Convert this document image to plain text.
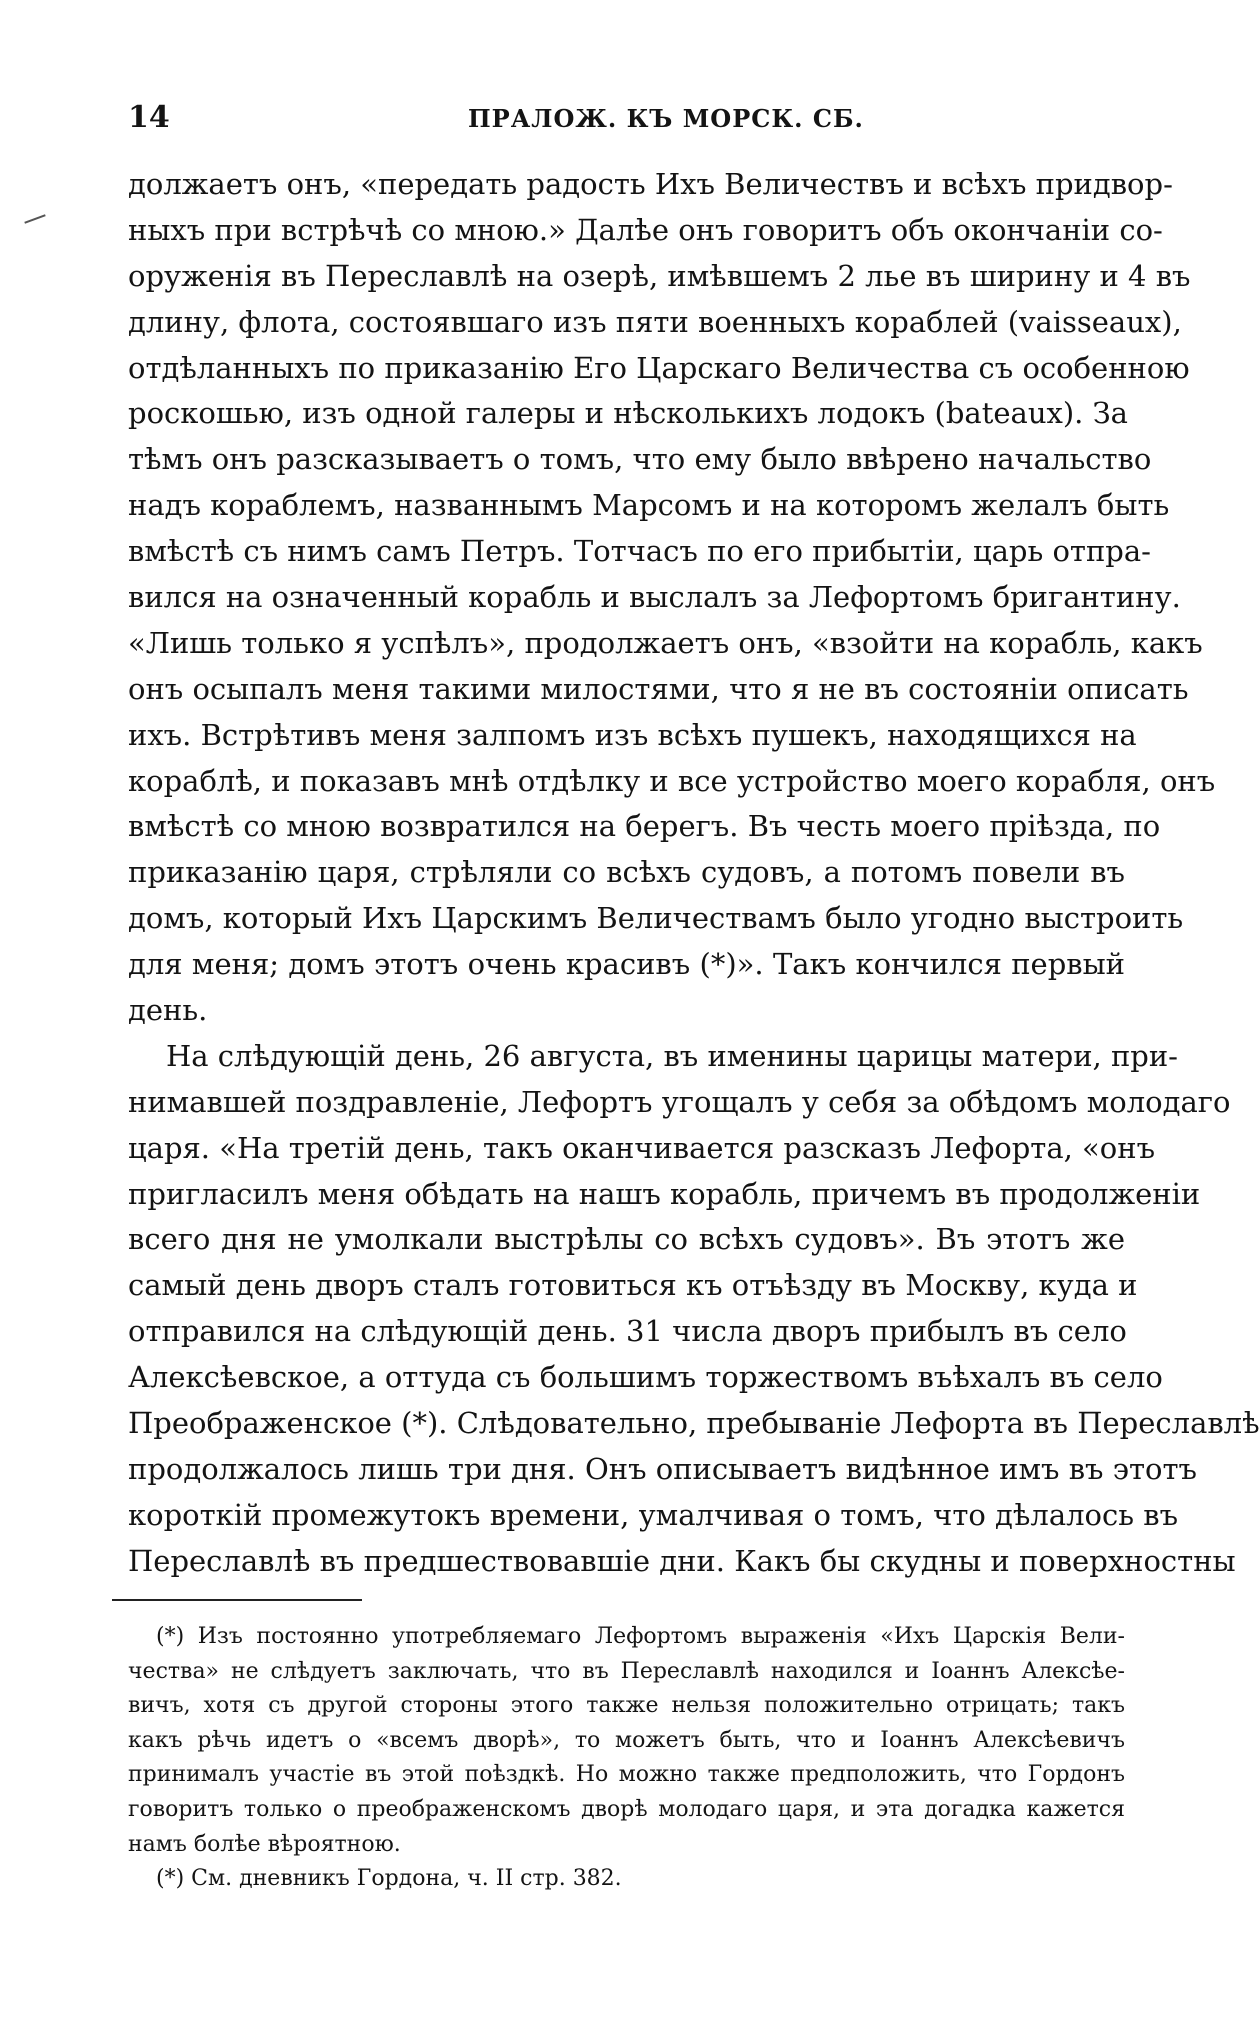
14	ПРАЛОЖ. КЪ МОРСК. СБ.
должаетъ онъ, «передать радость Ихъ Величествъ и всѣхъ придвор-
ныхъ при встрѣчѣ со мною.» Далѣе онъ говоритъ объ окончаніи со-
оруженія въ Переславлѣ на озерѣ, имѣвшемъ 2 лье въ ширину и 4 въ
длину, флота, состоявшаго изъ пяти военныхъ кораблей (vaisseaux),
отдѣланныхъ по приказанію Его Царскаго Величества съ особенною
роскошью, изъ одной галеры и нѣсколькихъ лодокъ (bateaux). За
тѣмъ онъ разсказываетъ о томъ, что ему было ввѣрено начальство
надъ кораблемъ, названнымъ Марсомъ и на которомъ желалъ быть
вмѣстѣ съ нимъ самъ Петръ. Тотчасъ по его прибытіи, царь отпра-
вился на означенный корабль и выслалъ за Лефортомъ бригантину.
«Лишь только я успѣлъ», продолжаетъ онъ, «взойти на корабль, какъ
онъ осыпалъ меня такими милостями, что я не въ состояніи описать
ихъ. Встрѣтивъ меня залпомъ изъ всѣхъ пушекъ, находящихся на
кораблѣ, и показавъ мнѣ отдѣлку и все устройство моего корабля, онъ
вмѣстѣ со мною возвратился на берегъ. Въ честь моего пріѣзда, по
приказанію царя, стрѣляли со всѣхъ судовъ, а потомъ повели въ
домъ, который Ихъ Царскимъ Величествамъ было угодно выстроить
для меня; домъ этотъ очень красивъ (*)». Такъ кончился первый
день.
На слѣдующій день, 26 августа, въ именины царицы матери, при-
нимавшей поздравленіе, Лефортъ угощалъ у себя за обѣдомъ молодаго
царя. «На третій день, такъ оканчивается разсказъ Лефорта, «онъ
пригласилъ меня обѣдать на нашъ корабль, причемъ въ продолженіи
всего дня не умолкали выстрѣлы со всѣхъ судовъ». Въ этотъ же
самый день дворъ сталъ готовиться къ отъѣзду въ Москву, куда и
отправился на слѣдующій день. 31 числа дворъ прибылъ въ село
Алексѣевское, а оттуда съ большимъ торжествомъ въѣхалъ въ село
Преображенское (*). Слѣдовательно, пребываніе Лефорта въ Переславлѣ
продолжалось лишь три дня. Онъ описываетъ видѣнное имъ въ этотъ
короткій промежутокъ времени, умалчивая о томъ, что дѣлалось въ
Переславлѣ въ предшествовавшіе дни. Какъ бы скудны и поверхностны
(*) Изъ постоянно употребляемаго Лефортомъ выраженія «Ихъ Царскія Вели-
чества» не слѣдуетъ заключать, что въ Переславлѣ находился и Іоаннъ Алексѣе-
вичъ, хотя съ другой стороны этого также нельзя положительно отрицать; такъ
какъ рѣчь идетъ о «всемъ дворѣ», то можетъ быть, что и Іоаннъ Алексѣевичъ
принималъ участіе въ этой поѣздкѣ. Но можно также предположить, что Гордонъ
говоритъ только о преображенскомъ дворѣ молодаго царя, и эта догадка кажется
намъ болѣе вѣроятною.
(*) См. дневникъ Гордона, ч. II стр. 382.
